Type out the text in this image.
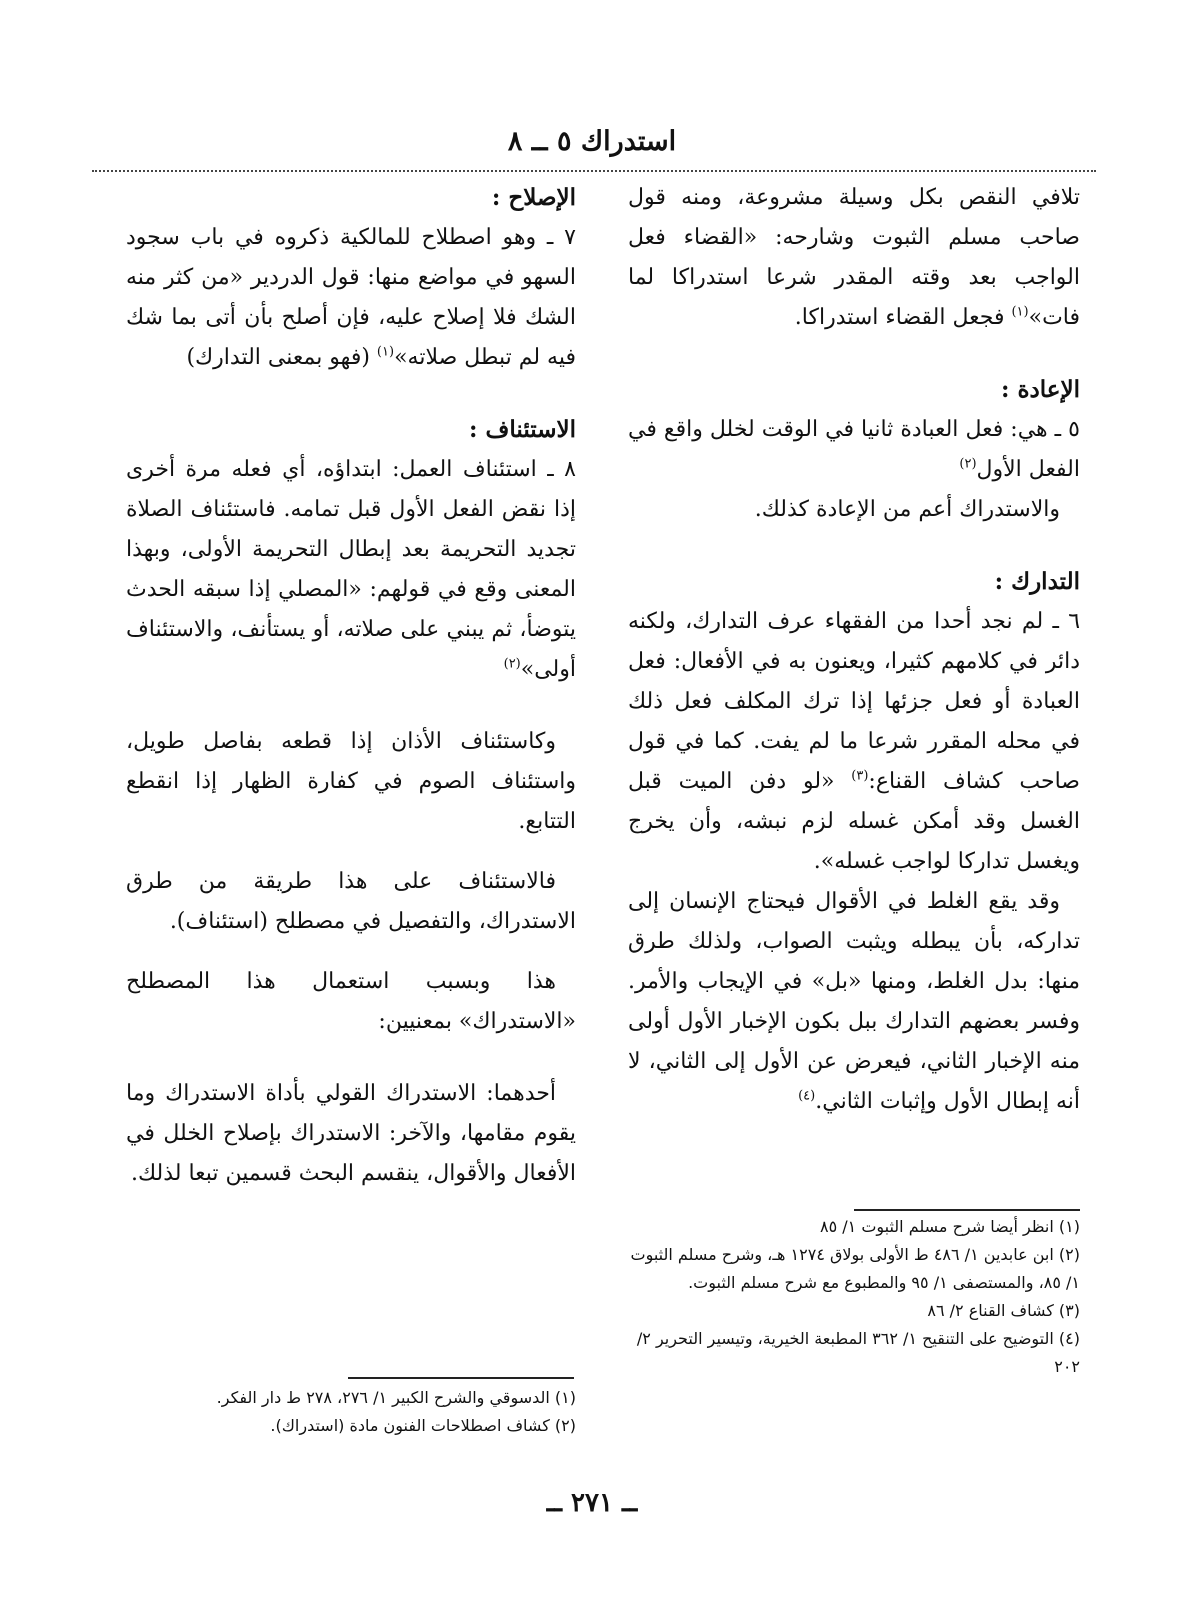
استدراك ٥ ــ ٨

تلافي النقص بكل وسيلة مشروعة، ومنه قول صاحب مسلم الثبوت وشارحه: «القضاء فعل الواجب بعد وقته المقدر شرعا استدراكا لما فات»$^{(١)}$ فجعل القضاء استدراكا.

الإعادة :

٥ ـ هي: فعل العبادة ثانيا في الوقت لخلل واقع في الفعل الأول$^{(٢)}$

والاستدراك أعم من الإعادة كذلك.

التدارك :

٦ ـ لم نجد أحدا من الفقهاء عرف التدارك، ولكنه دائر في كلامهم كثيرا، ويعنون به في الأفعال: فعل العبادة أو فعل جزئها إذا ترك المكلف فعل ذلك في محله المقرر شرعا ما لم يفت. كما في قول صاحب كشاف القناع:$^{(٣)}$ «لو دفن الميت قبل الغسل وقد أمكن غسله لزم نبشه، وأن يخرج ويغسل تداركا لواجب غسله».

وقد يقع الغلط في الأقوال فيحتاج الإنسان إلى تداركه، بأن يبطله ويثبت الصواب، ولذلك طرق منها: بدل الغلط، ومنها «بل» في الإيجاب والأمر. وفسر بعضهم التدارك ببل بكون الإخبار الأول أولى منه الإخبار الثاني، فيعرض عن الأول إلى الثاني، لا أنه إبطال الأول وإثبات الثاني.$^{(٤)}$

الإصلاح :

٧ ـ وهو اصطلاح للمالكية ذكروه في باب سجود السهو في مواضع منها: قول الدردير «من كثر منه الشك فلا إصلاح عليه، فإن أصلح بأن أتى بما شك فيه لم تبطل صلاته»$^{(١)}$ (فهو بمعنى التدارك)

الاستئناف :

٨ ـ استئناف العمل: ابتداؤه، أي فعله مرة أخرى إذا نقض الفعل الأول قبل تمامه. فاستئناف الصلاة تجديد التحريمة بعد إبطال التحريمة الأولى، وبهذا المعنى وقع في قولهم: «المصلي إذا سبقه الحدث يتوضأ، ثم يبني على صلاته، أو يستأنف، والاستئناف أولى»$^{(٢)}$

وكاستئناف الأذان إذا قطعه بفاصل طويل، واستئناف الصوم في كفارة الظهار إذا انقطع التتابع.

فالاستئناف على هذا طريقة من طرق الاستدراك، والتفصيل في مصطلح (استئناف).

هذا وبسبب استعمال هذا المصطلح «الاستدراك» بمعنيين:

أحدهما: الاستدراك القولي بأداة الاستدراك وما يقوم مقامها، والآخر: الاستدراك بإصلاح الخلل في الأفعال والأقوال، ينقسم البحث قسمين تبعا لذلك.

(١) انظر أيضا شرح مسلم الثبوت ١/ ٨٥

(٢) ابن عابدين ١/ ٤٨٦ ط الأولى بولاق ١٢٧٤ هـ، وشرح مسلم الثبوت ١/ ٨٥، والمستصفى ١/ ٩٥ والمطبوع مع شرح مسلم الثبوت.

(٣) كشاف القناع ٢/ ٨٦

(٤) التوضيح على التنقيح ١/ ٣٦٢ المطبعة الخيرية، وتيسير التحرير ٢/ ٢٠٢

(١) الدسوقي والشرح الكبير ١/ ٢٧٦، ٢٧٨ ط دار الفكر.

(٢) كشاف اصطلاحات الفنون مادة (استدراك).

ــ ٢٧١ ــ
